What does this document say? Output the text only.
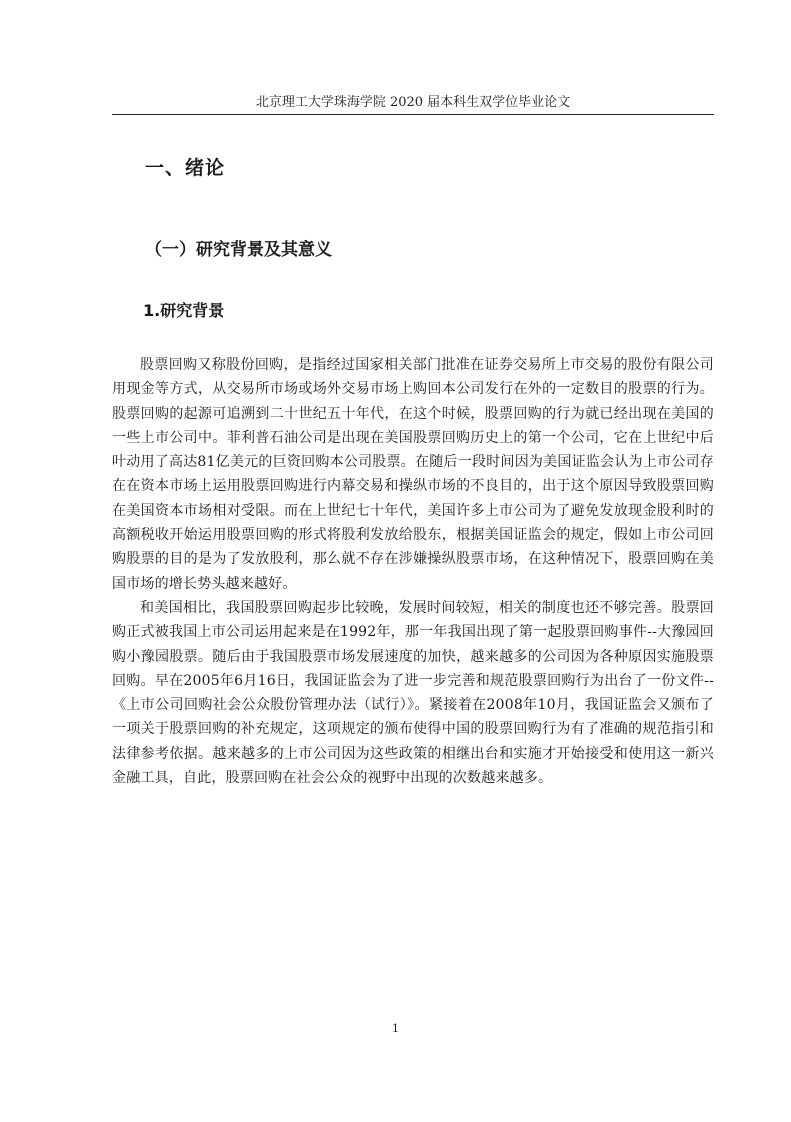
北京理工大学珠海学院 2020 届本科生双学位毕业论文
一、绪论
（一）研究背景及其意义
1.研究背景

股票回购又称股份回购，是指经过国家相关部门批准在证券交易所上市交易的股份有限公司用现金等方式，从交易所市场或场外交易市场上购回本公司发行在外的一定数目的股票的行为。股票回购的起源可追溯到二十世纪五十年代，在这个时候，股票回购的行为就已经出现在美国的一些上市公司中。菲利普石油公司是出现在美国股票回购历史上的第一个公司，它在上世纪中后叶动用了高达81亿美元的巨资回购本公司股票。在随后一段时间因为美国证监会认为上市公司存在在资本市场上运用股票回购进行内幕交易和操纵市场的不良目的，出于这个原因导致股票回购在美国资本市场相对受限。而在上世纪七十年代，美国许多上市公司为了避免发放现金股利时的高额税收开始运用股票回购的形式将股利发放给股东，根据美国证监会的规定，假如上市公司回购股票的目的是为了发放股利，那么就不存在涉嫌操纵股票市场，在这种情况下，股票回购在美国市场的增长势头越来越好。

和美国相比，我国股票回购起步比较晚，发展时间较短，相关的制度也还不够完善。股票回购正式被我国上市公司运用起来是在1992年，那一年我国出现了第一起股票回购事件--大豫园回购小豫园股票。随后由于我国股票市场发展速度的加快，越来越多的公司因为各种原因实施股票回购。早在2005年6月16日，我国证监会为了进一步完善和规范股票回购行为出台了一份文件--《上市公司回购社会公众股份管理办法（试行）》。紧接着在2008年10月，我国证监会又颁布了一项关于股票回购的补充规定，这项规定的颁布使得中国的股票回购行为有了准确的规范指引和法律参考依据。越来越多的上市公司因为这些政策的相继出台和实施才开始接受和使用这一新兴金融工具，自此，股票回购在社会公众的视野中出现的次数越来越多。

1
